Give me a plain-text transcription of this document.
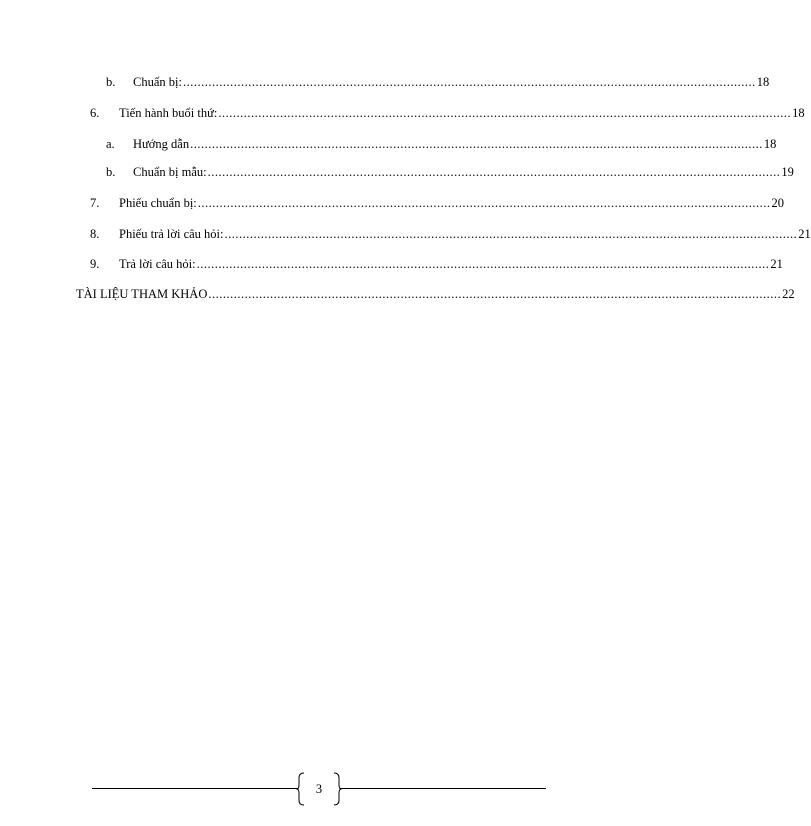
b. Chuẩn bị: .............................................................................................................................................................. 18
6. Tiến hành buổi thứ: .............................................................................................................................................................. 18
a. Hướng dẫn .............................................................................................................................................................. 18
b. Chuẩn bị mẫu: .............................................................................................................................................................. 19
7. Phiếu chuẩn bị: .............................................................................................................................................................. 20
8. Phiếu trả lời câu hỏi: .............................................................................................................................................................. 21
9. Trả lời câu hỏi: .............................................................................................................................................................. 21
TÀI LIỆU THAM KHẢO .............................................................................................................................................................. 22
3
